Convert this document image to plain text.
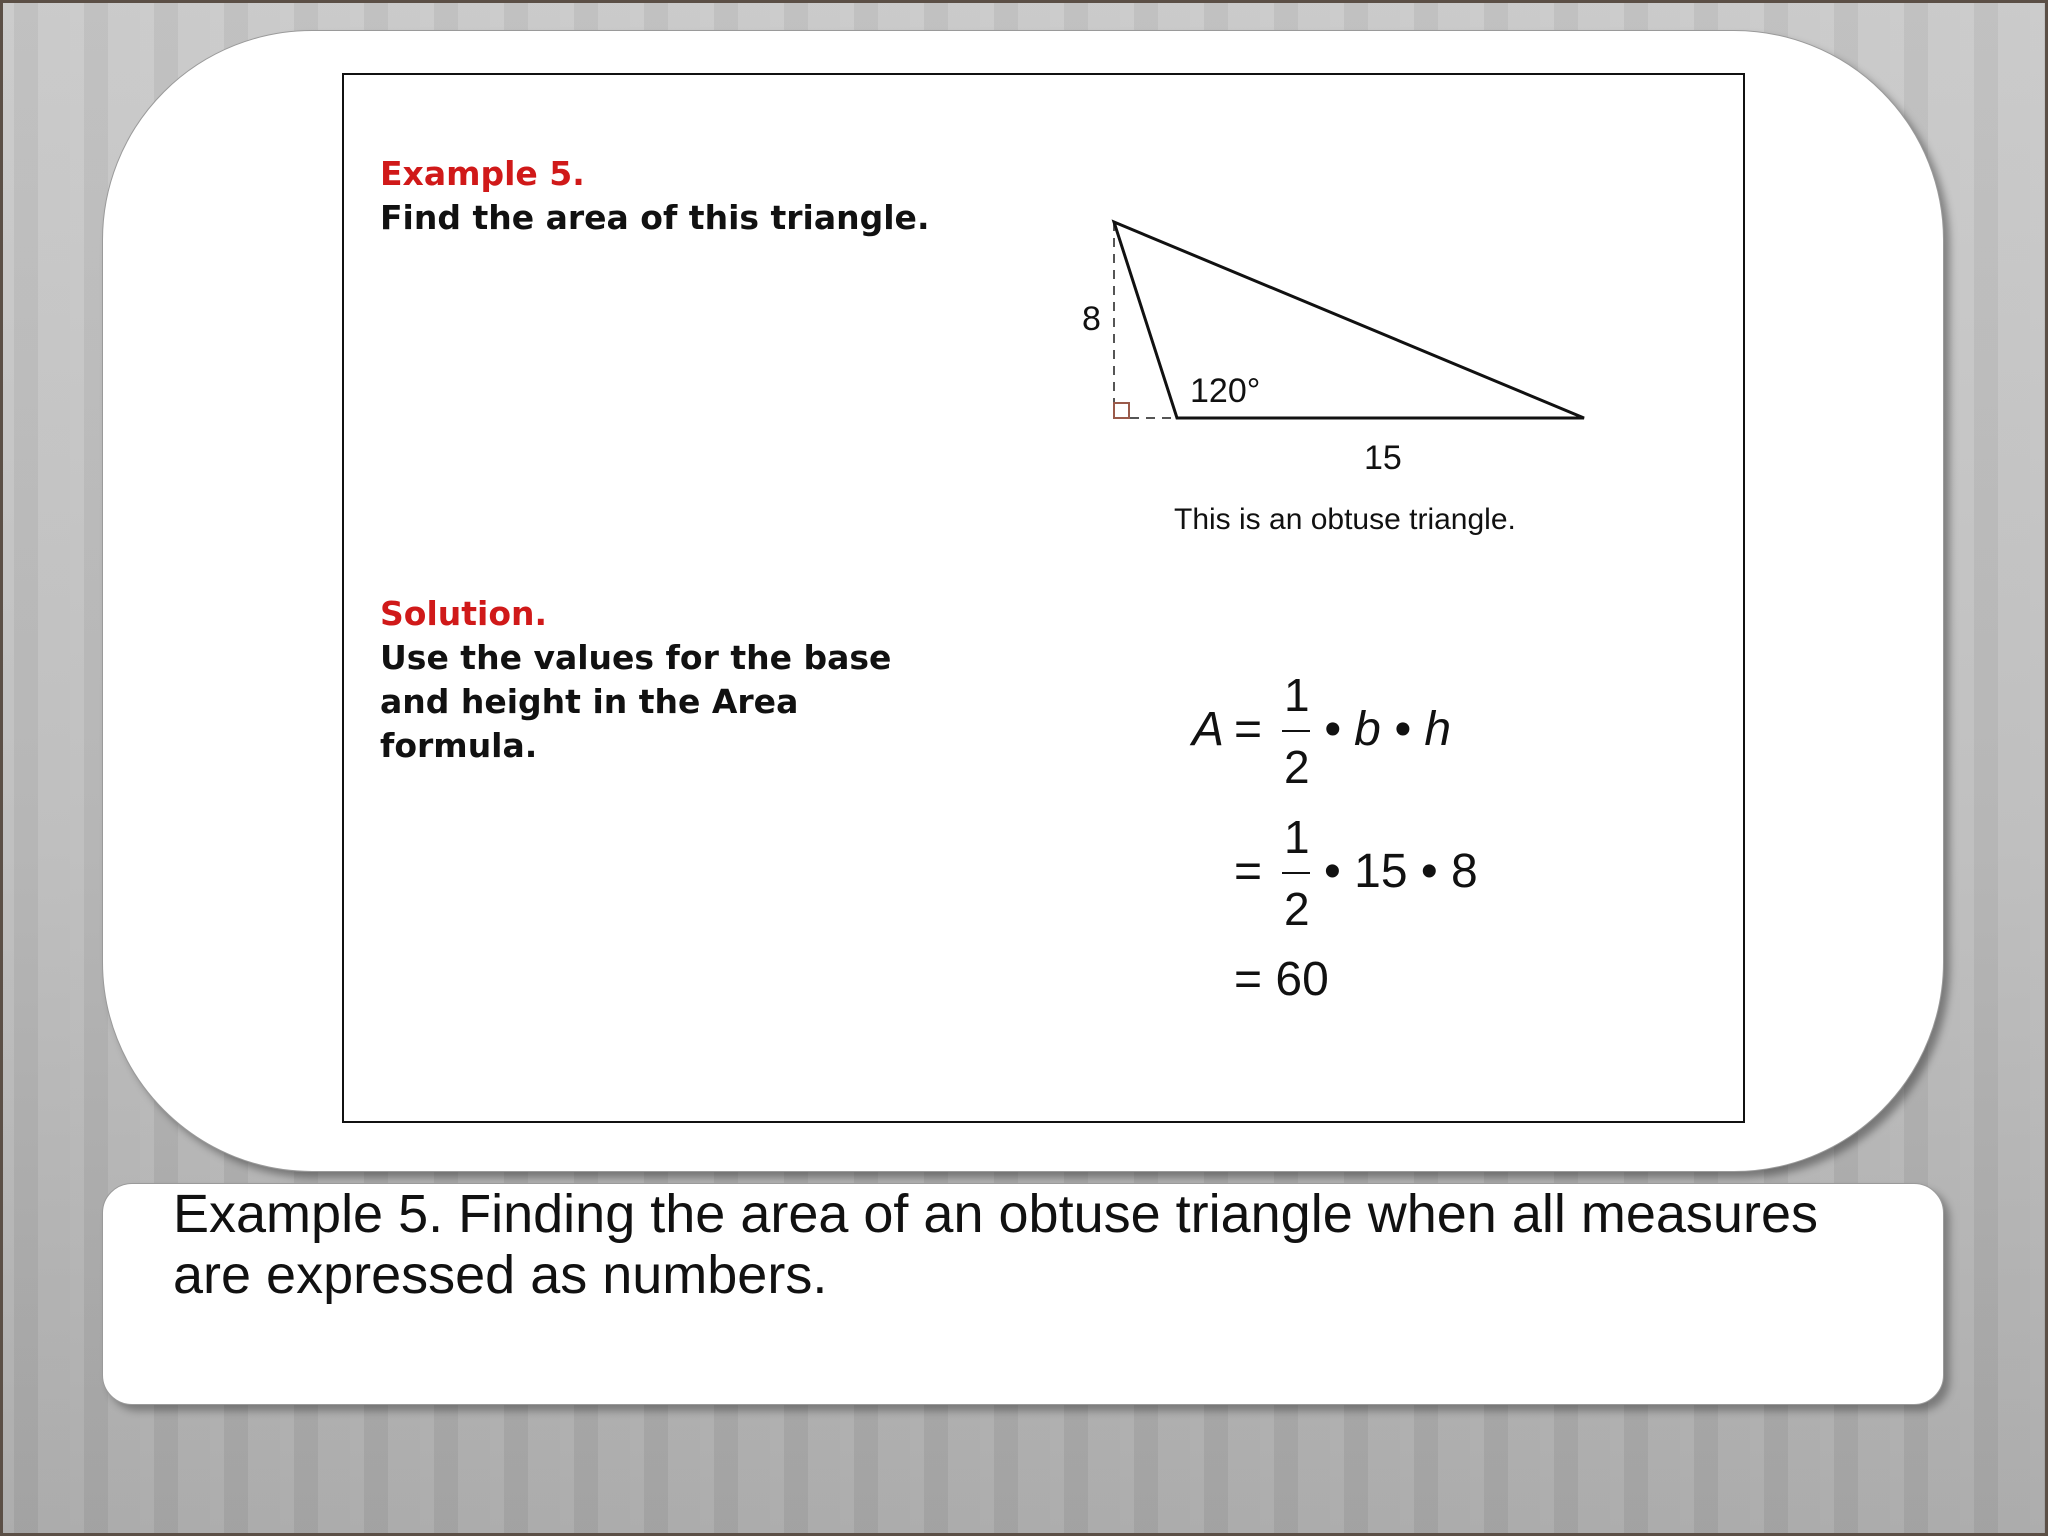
Example 5.
Find the area of this triangle.
8
120°
15
This is an obtuse triangle.
Solution.
Use the values for the base
and height in the Area
formula.	A =
1
2
• b • h
=
1
2
• 15 • 8
= 60
Example 5. Finding the area of an obtuse triangle when all measures are expressed as numbers.
